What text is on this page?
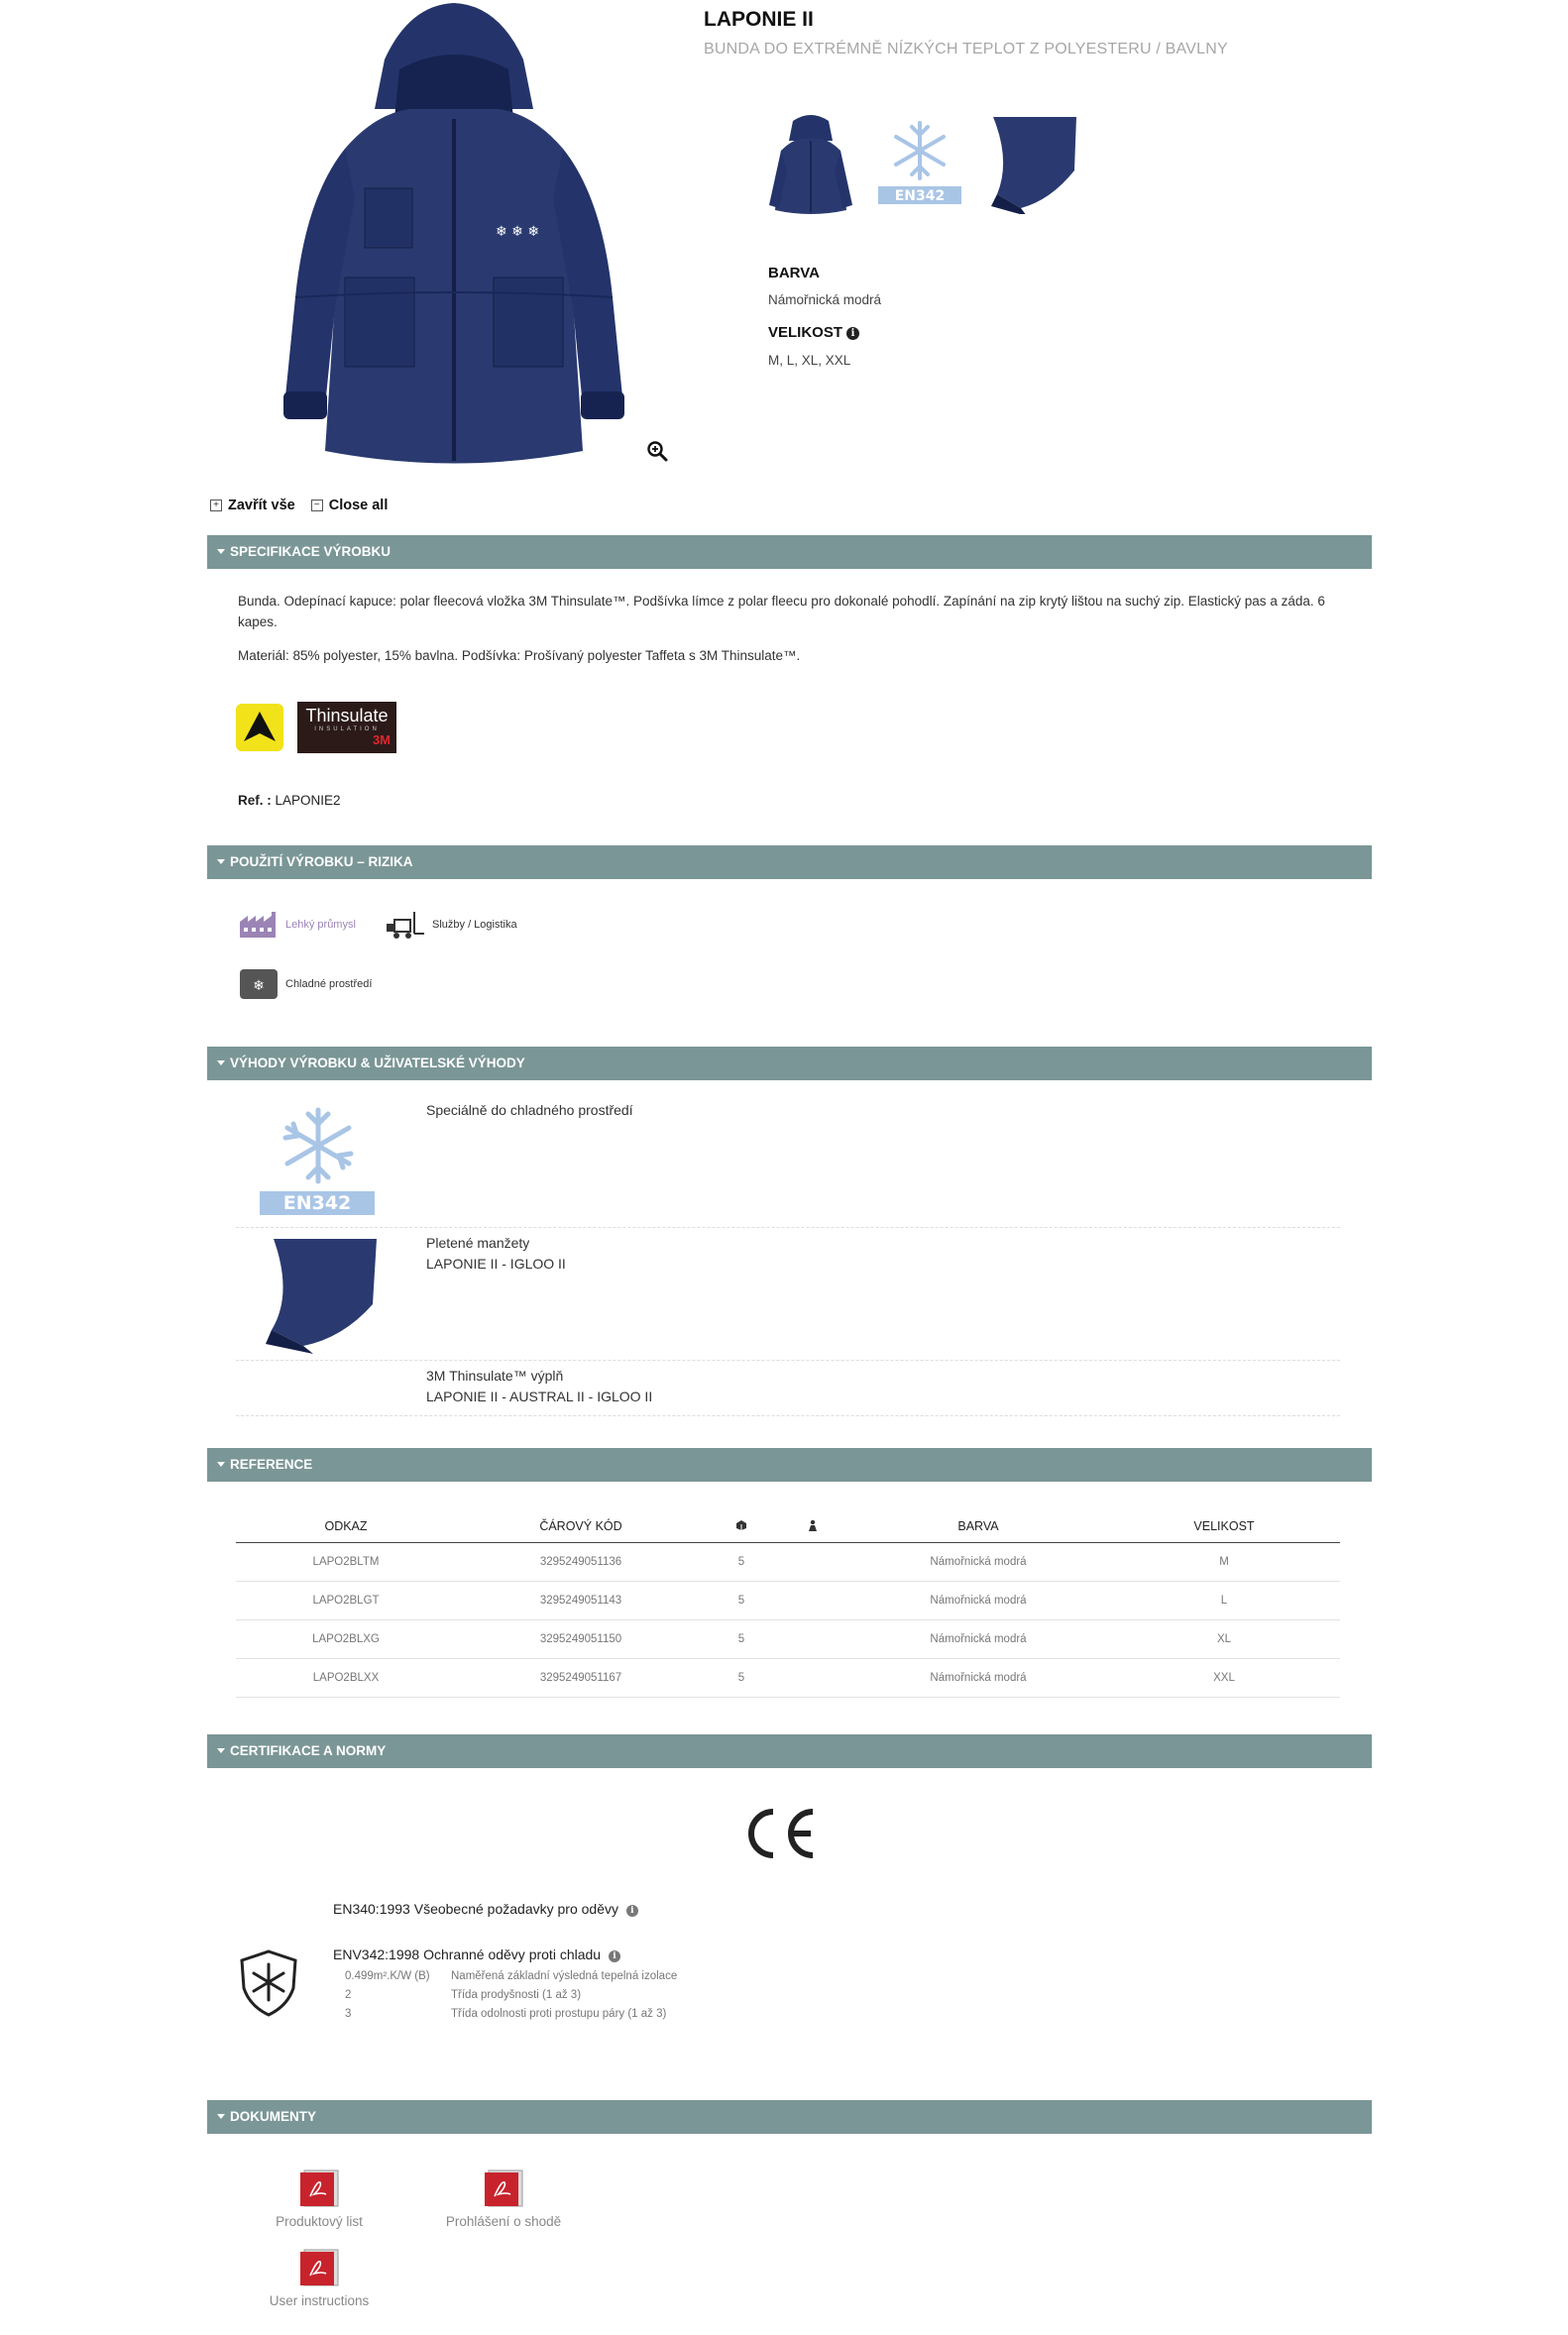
❄ ❄ ❄
LAPONIE II
BUNDA DO EXTRÉMNĚ NÍZKÝCH TEPLOT Z POLYESTERU / BAVLNY
EN342
BARVA
Námořnická modrá
VELIKOST i
M, L, XL, XXL
+ Zavřít vše	− Close all
SPECIFIKACE VÝROBKU
Bunda. Odepínací kapuce: polar fleecová vložka 3M Thinsulate™. Podšívka límce z polar fleecu pro dokonalé pohodlí. Zapínání na zip krytý lištou na suchý zip. Elastický pas a záda. 6 kapes.
Materiál: 85% polyester, 15% bavlna. Podšívka: Prošívaný polyester Taffeta s 3M Thinsulate™.
Thinsulate
INSULATION
3M
Ref. : LAPONIE2
POUŽITÍ VÝROBKU – RIZIKA
Lehký průmysl	Služby / Logistika
❄ Chladné prostředí
VÝHODY VÝROBKU & UŽIVATELSKÉ VÝHODY
EN342
Speciálně do chladného prostředí
Pletené manžety
LAPONIE II - IGLOO II
3M Thinsulate™ výplň
LAPONIE II - AUSTRAL II - IGLOO II
REFERENCE
ODKAZ	ČÁROVÝ KÓD			BARVA	VELIKOST
LAPO2BLTM	3295249051136	5		Námořnická modrá	M
LAPO2BLGT	3295249051143	5		Námořnická modrá	L
LAPO2BLXG	3295249051150	5		Námořnická modrá	XL
LAPO2BLXX	3295249051167	5		Námořnická modrá	XXL
CERTIFIKACE A NORMY
EN340:1993 Všeobecné požadavky pro oděvy i
ENV342:1998 Ochranné oděvy proti chladu i
0.499m².K/W (B) Naměřená základní výsledná tepelná izolace
2	Třída prodyšnosti (1 až 3)
3	Třída odolnosti proti prostupu páry (1 až 3)
DOKUMENTY
Produktový list	Prohlášení o shodě
User instructions
